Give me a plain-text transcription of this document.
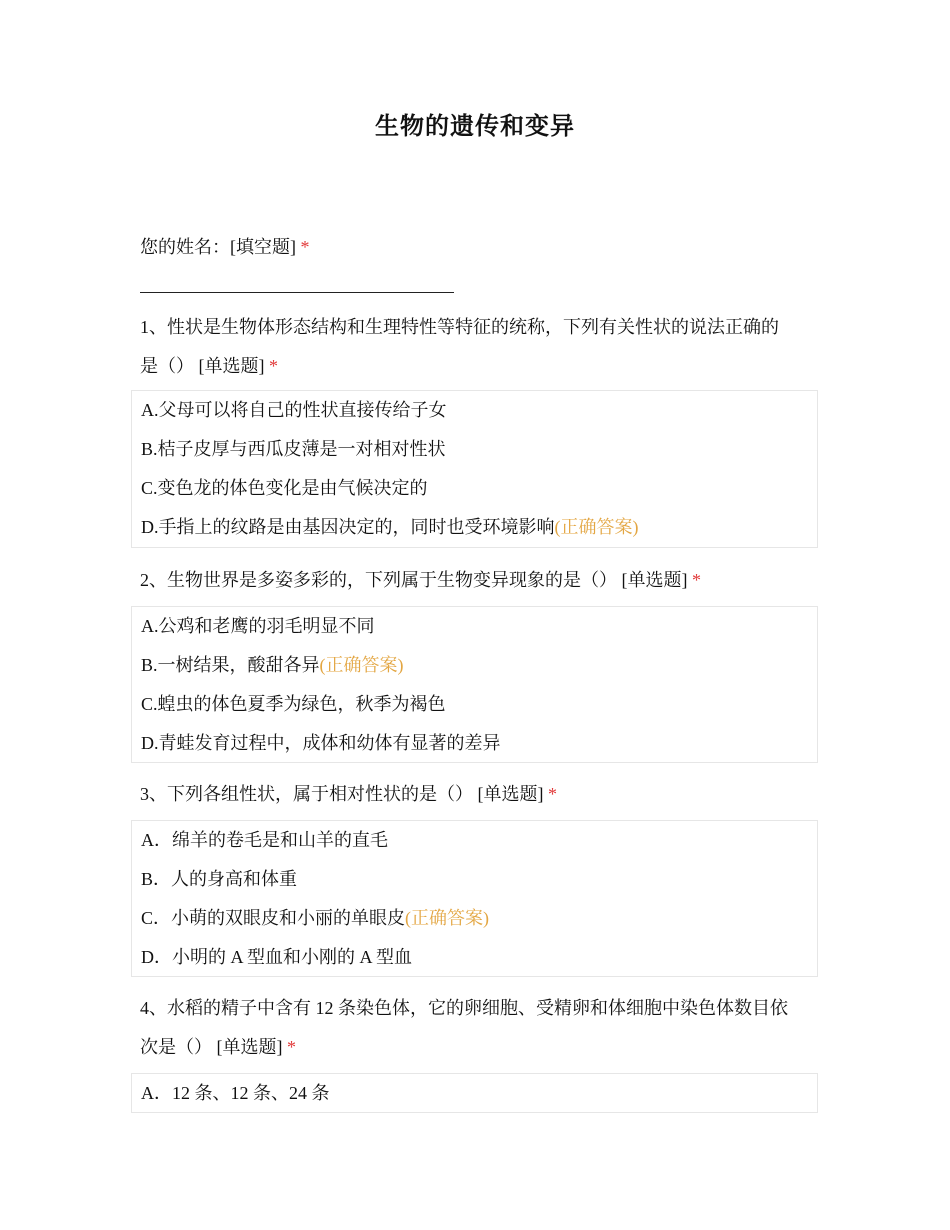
生物的遗传和变异
您的姓名：[填空题] *
1、性状是生物体形态结构和生理特性等特征的统称，下列有关性状的说法正确的
是（） [单选题] *
A.父母可以将自己的性状直接传给子女
B.桔子皮厚与西瓜皮薄是一对相对性状
C.变色龙的体色变化是由气候决定的
D.手指上的纹路是由基因决定的，同时也受环境影响(正确答案)
2、生物世界是多姿多彩的，下列属于生物变异现象的是（） [单选题] *
A.公鸡和老鹰的羽毛明显不同
B.一树结果，酸甜各异(正确答案)
C.蝗虫的体色夏季为绿色，秋季为褐色
D.青蛙发育过程中，成体和幼体有显著的差异
3、下列各组性状，属于相对性状的是（） [单选题] *
A．绵羊的卷毛是和山羊的直毛
B．人的身高和体重
C．小萌的双眼皮和小丽的单眼皮(正确答案)
D．小明的 A 型血和小刚的 A 型血
4、水稻的精子中含有 12 条染色体，它的卵细胞、受精卵和体细胞中染色体数目依
次是（） [单选题] *
A．12 条、12 条、24 条
